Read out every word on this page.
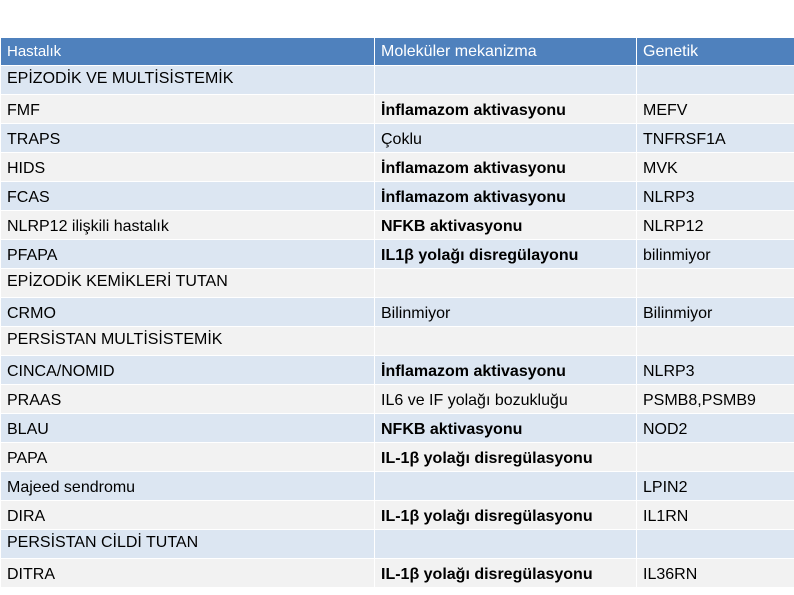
Hastalık	Moleküler mekanizma	Genetik
EPİZODİK VE MULTİSİSTEMİK		
FMF	İnflamazom aktivasyonu	MEFV
TRAPS	Çoklu	TNFRSF1A
HIDS	İnflamazom aktivasyonu	MVK
FCAS	İnflamazom aktivasyonu	NLRP3
NLRP12 ilişkili hastalık	NFKB aktivasyonu	NLRP12
PFAPA	IL1β yolağı disregülayonu	bilinmiyor
EPİZODİK KEMİKLERİ TUTAN		
CRMO	Bilinmiyor	Bilinmiyor
PERSİSTAN MULTİSİSTEMİK		
CINCA/NOMID	İnflamazom aktivasyonu	NLRP3
PRAAS	IL6 ve IF yolağı bozukluğu	PSMB8,PSMB9
BLAU	NFKB aktivasyonu	NOD2
PAPA	IL-1β yolağı disregülasyonu	
Majeed sendromu		LPIN2
DIRA	IL-1β yolağı disregülasyonu	IL1RN
PERSİSTAN CİLDİ TUTAN		
DITRA	IL-1β yolağı disregülasyonu	IL36RN
